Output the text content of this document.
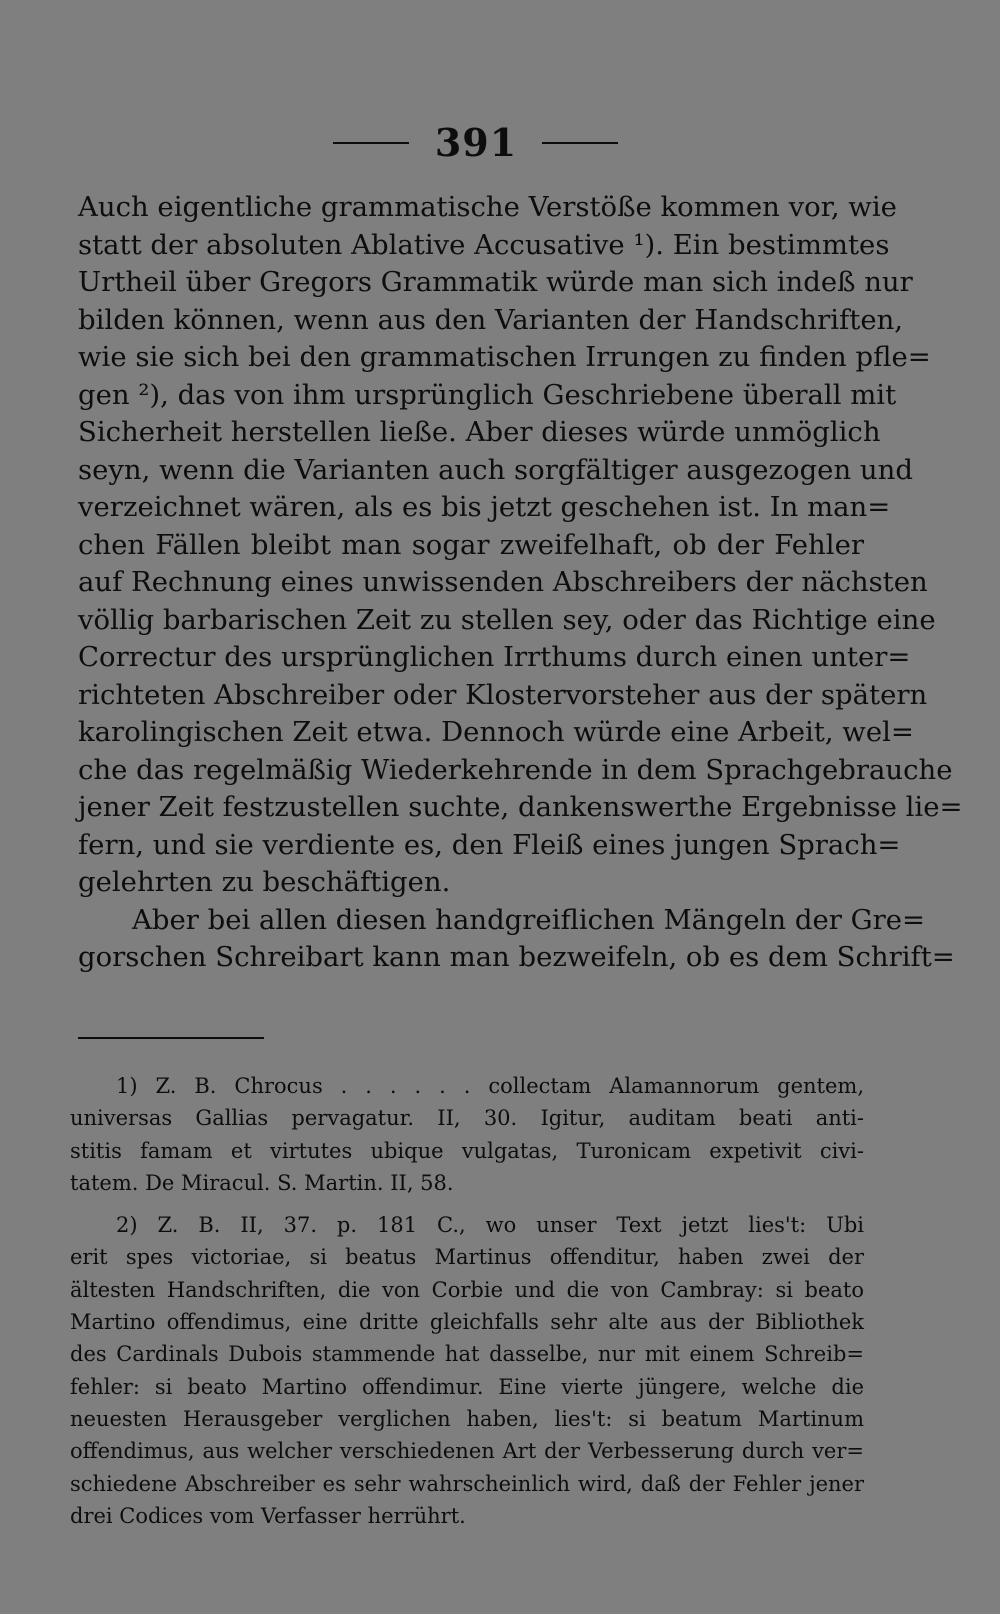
391
Auch eigentliche grammatische Verstöße kommen vor, wie
statt der absoluten Ablative Accusative ¹). Ein bestimmtes
Urtheil über Gregors Grammatik würde man sich indeß nur
bilden können, wenn aus den Varianten der Handschriften,
wie sie sich bei den grammatischen Irrungen zu finden pfle=
gen ²), das von ihm ursprünglich Geschriebene überall mit
Sicherheit herstellen ließe. Aber dieses würde unmöglich
seyn, wenn die Varianten auch sorgfältiger ausgezogen und
verzeichnet wären, als es bis jetzt geschehen ist. In man=
chen Fällen bleibt man sogar zweifelhaft, ob der Fehler
auf Rechnung eines unwissenden Abschreibers der nächsten
völlig barbarischen Zeit zu stellen sey, oder das Richtige eine
Correctur des ursprünglichen Irrthums durch einen unter=
richteten Abschreiber oder Klostervorsteher aus der spätern
karolingischen Zeit etwa. Dennoch würde eine Arbeit, wel=
che das regelmäßig Wiederkehrende in dem Sprachgebrauche
jener Zeit festzustellen suchte, dankenswerthe Ergebnisse lie=
fern, und sie verdiente es, den Fleiß eines jungen Sprach=
gelehrten zu beschäftigen.
Aber bei allen diesen handgreiflichen Mängeln der Gre=
gorschen Schreibart kann man bezweifeln, ob es dem Schrift=
1) Z. B. Chrocus . . . . . . collectam Alamannorum gentem,
universas Gallias pervagatur. II, 30. Igitur, auditam beati anti-
stitis famam et virtutes ubique vulgatas, Turonicam expetivit civi-
tatem. De Miracul. S. Martin. II, 58.
2) Z. B. II, 37. p. 181 C., wo unser Text jetzt lies't: Ubi
erit spes victoriae, si beatus Martinus offenditur, haben zwei der
ältesten Handschriften, die von Corbie und die von Cambray: si beato
Martino offendimus, eine dritte gleichfalls sehr alte aus der Bibliothek
des Cardinals Dubois stammende hat dasselbe, nur mit einem Schreib=
fehler: si beato Martino offendimur. Eine vierte jüngere, welche die
neuesten Herausgeber verglichen haben, lies't: si beatum Martinum
offendimus, aus welcher verschiedenen Art der Verbesserung durch ver=
schiedene Abschreiber es sehr wahrscheinlich wird, daß der Fehler jener
drei Codices vom Verfasser herrührt.
